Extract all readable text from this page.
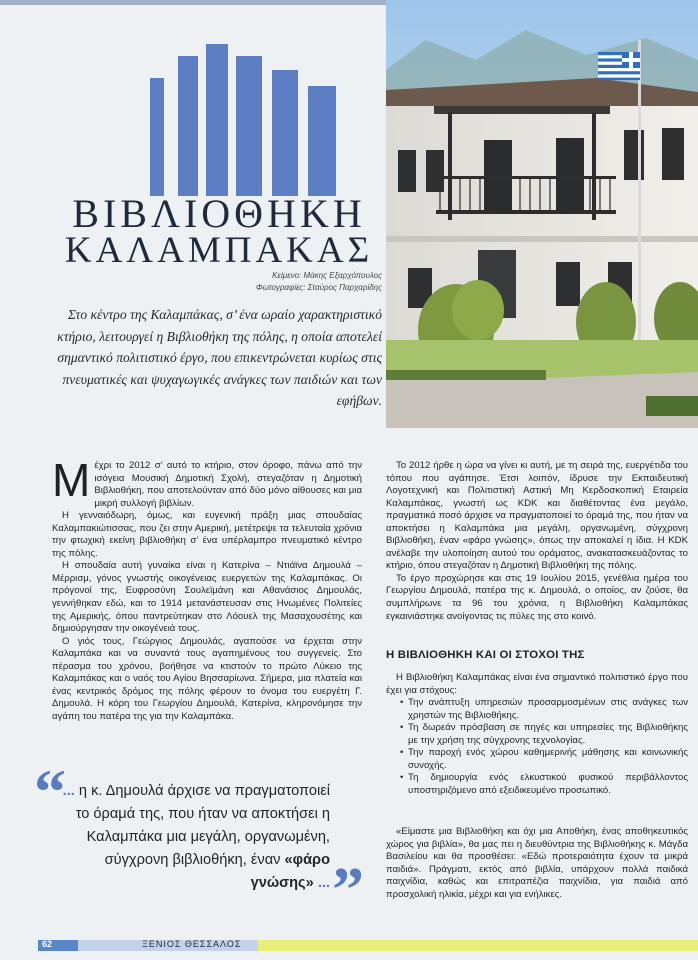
ΒΙΒΛΙΟΘΗΚΗ
ΚΑΛΑΜΠΑΚΑΣ
Κείμενο: Μάκης Εξαρχόπουλος
Φωτογραφίες: Σταύρος Παρχαρίδης
Στο κέντρο της Καλαμπάκας, σ’ ένα ωραίο χαρακτηριστικό κτήριο, λειτουργεί η Βιβλιοθήκη της πόλης, η οποία αποτελεί σημαντικό πολιτιστικό έργο, που επικεντρώνεται κυρίως στις πνευματικές και ψυχαγωγικές ανάγκες των παιδιών και των εφήβων.

Μέχρι το 2012 σ’ αυτό το κτήριο, στον όροφο, πάνω από την ισόγεια Μουσική Δημοτική Σχολή, στεγαζόταν η Δημοτική Βιβλιοθήκη, που αποτελούνταν από δύο μόνο αίθουσες και μια μικρή συλλογή βιβλίων.

Η γενναιόδωρη, όμως, και ευγενική πράξη μιας σπουδαίας Καλαμπακιώτισσας, που ζει στην Αμερική, μετέτρεψε τα τελευταία χρόνια την φτωχική εκείνη βιβλιοθήκη σ’ ένα υπέρλαμπρο πνευματικό κέντρο της πόλης.

Η σπουδαία αυτή γυναίκα είναι η Κατερίνα – Ντιάϊνα Δημουλά – Μέρρισμ, γόνος γνωστής οικογένειας ευεργετών της Καλαμπάκας. Οι πρόγονοί της, Ευφροσύνη Σουλεϊμάνη και Αθανάσιος Δημουλάς, γεννήθηκαν εδώ, και το 1914 μετανάστευσαν στις Ηνωμένες Πολιτείες της Αμερικής, όπου παντρεύτηκαν στο Λόουελ της Μασαχουσέτης και δημιούργησαν την οικογένειά τους.

Ο γιός τους, Γεώργιος Δημουλάς, αγαπούσε να έρχεται στην Καλαμπάκα και να συναντά τους αγαπημένους του συγγενείς. Στο πέρασμα του χρόνου, βοήθησε να κτιστούν το πρώτο Λύκειο της Καλαμπάκας και ο ναός του Αγίου Βησσαρίωνα. Σήμερα, μια πλατεία και ένας κεντρικός δρόμος της πόλης φέρουν το όνομα του ευεργέτη Γ. Δημουλά. Η κόρη του Γεωργίου Δημουλά, Κατερίνα, κληρονόμησε την αγάπη του πατέρα της για την Καλαμπάκα.

“
... η κ. Δημουλά άρχισε να πραγματοποιεί το όραμά της, που ήταν να αποκτήσει η Καλαμπάκα μια μεγάλη, οργανωμένη, σύγχρονη βιβλιοθήκη, έναν «φάρο γνώσης» ... ”

Το 2012 ήρθε η ώρα να γίνει κι αυτή, με τη σειρά της, ευεργέτιδα του τόπου που αγάπησε. Έτσι λοιπόν, ίδρυσε την Εκπαιδευτική Λογοτεχνική και Πολιτιστική Αστική Μη Κερδοσκοπική Εταιρεία Καλαμπάκας, γνωστή ως KDK και διαθέτοντας ένα μεγάλο, πραγματικά ποσό άρχισε να πραγματοποιεί το όραμά της, που ήταν να αποκτήσει η Καλαμπάκα μια μεγάλη, οργανωμένη, σύγχρονη Βιβλιοθήκη, έναν «φάρο γνώσης», όπως την αποκαλεί η ίδια. Η KDK ανέλαβε την υλοποίηση αυτού του οράματος, ανακατασκευάζοντας το κτήριο, όπου στεγαζόταν η Δημοτική Βιβλιοθήκη της πόλης.

Το έργο προχώρησε και στις 19 Ιουλίου 2015, γενέθλια ημέρα του Γεωργίου Δημουλά, πατέρα της κ. Δημουλά, ο οποίος, αν ζούσε, θα συμπλήρωνε τα 96 του χρόνια, η Βιβλιοθήκη Καλαμπάκας εγκαινιάστηκε ανοίγοντας τις πύλες της στο κοινό.

Η ΒΙΒΛΙΟΘΗΚΗ ΚΑΙ ΟΙ ΣΤΟΧΟΙ ΤΗΣ

Η Βιβλιοθήκη Καλαμπάκας είναι ένα σημαντικό πολιτιστικό έργο που έχει για στόχους:

• Την ανάπτυξη υπηρεσιών προσαρμοσμένων στις ανάγκες των χρηστών της Βιβλιοθήκης.
• Τη δωρεάν πρόσβαση σε πηγές και υπηρεσίες της Βιβλιοθήκης με την χρήση της σύγχρονης τεχνολογίας.
• Την παροχή ενός χώρου καθημερινής μάθησης και κοινωνικής συνοχής.
• Τη δημιουργία ενός ελκυστικού φυσικού περιβάλλοντος υποστηριζόμενο από εξειδικευμένο προσωπικό.

«Είμαστε μια Βιβλιοθήκη και όχι μια Αποθήκη, ένας αποθηκευτικός χώρος για βιβλία», θα μας πει η διευθύντρια της Βιβλιοθήκης κ. Μάγδα Βασιλείου και θα προσθέσει: «Εδώ προτεραιότητα έχουν τα μικρά παιδιά». Πράγματι, εκτός από βιβλία, υπάρχουν πολλά παιδικά παιχνίδια, καθώς και επιτραπέζια παιχνίδια, για παιδιά από προσχολική ηλικία, μέχρι και για ενήλικες.

62	ΞΕΝΙΟΣ ΘΕΣΣΑΛΟΣ
